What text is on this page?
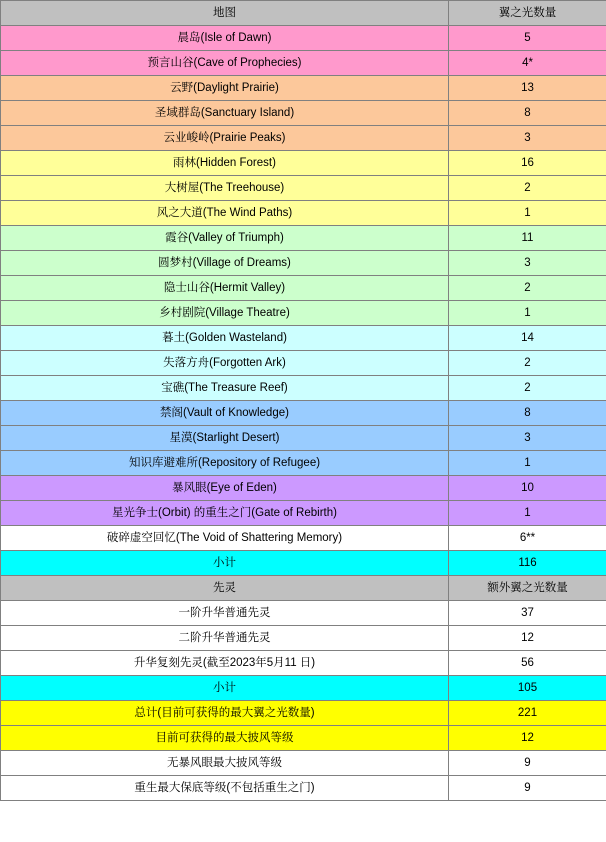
地图	翼之光数量
晨岛(Isle of Dawn)	5
预言山谷(Cave of Prophecies)	4*
云野(Daylight Prairie)	13
圣域群岛(Sanctuary Island)	8
云业峻岭(Prairie Peaks)	3
雨林(Hidden Forest)	16
大树屋(The Treehouse)	2
风之大道(The Wind Paths)	1
霞谷(Valley of Triumph)	11
圆梦村(Village of Dreams)	3
隐士山谷(Hermit Valley)	2
乡村剧院(Village Theatre)	1
暮土(Golden Wasteland)	14
失落方舟(Forgotten Ark)	2
宝礁(The Treasure Reef)	2
禁阁(Vault of Knowledge)	8
星漠(Starlight Desert)	3
知识库避难所(Repository of Refugee)	1
暴风眼(Eye of Eden)	10
星光争士(Orbit) 的重生之门(Gate of Rebirth)	1
破碎虚空回忆(The Void of Shattering Memory)	6**
小计	116
先灵	额外翼之光数量
一阶升华普通先灵	37
二阶升华普通先灵	12
升华复刻先灵(截至2023年5月11 日)	56
小计	105
总计(目前可获得的最大翼之光数量)	221
目前可获得的最大披风等级	12
无暴风眼最大披风等级	9
重生最大保底等级(不包括重生之门)	9
